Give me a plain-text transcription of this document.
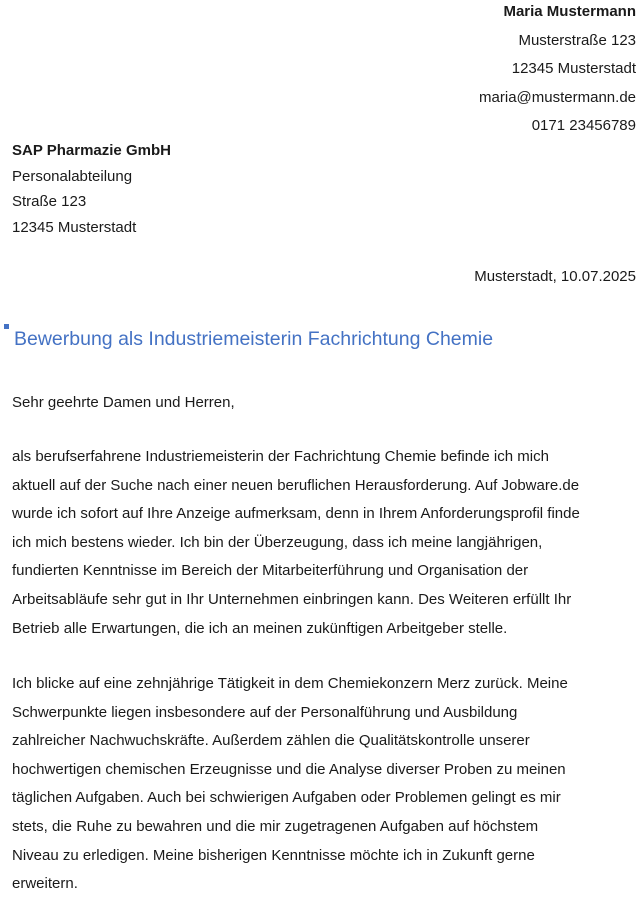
Maria Mustermann
Musterstraße 123
12345 Musterstadt
maria@mustermann.de
0171 23456789
SAP Pharmazie GmbH
Personalabteilung
Straße 123
12345 Musterstadt
Musterstadt, 10.07.2025
Bewerbung als Industriemeisterin Fachrichtung Chemie
Sehr geehrte Damen und Herren,
als berufserfahrene Industriemeisterin der Fachrichtung Chemie befinde ich mich
aktuell auf der Suche nach einer neuen beruflichen Herausforderung. Auf Jobware.de
wurde ich sofort auf Ihre Anzeige aufmerksam, denn in Ihrem Anforderungsprofil finde
ich mich bestens wieder. Ich bin der Überzeugung, dass ich meine langjährigen,
fundierten Kenntnisse im Bereich der Mitarbeiterführung und Organisation der
Arbeitsabläufe sehr gut in Ihr Unternehmen einbringen kann. Des Weiteren erfüllt Ihr
Betrieb alle Erwartungen, die ich an meinen zukünftigen Arbeitgeber stelle.
Ich blicke auf eine zehnjährige Tätigkeit in dem Chemiekonzern Merz zurück. Meine
Schwerpunkte liegen insbesondere auf der Personalführung und Ausbildung
zahlreicher Nachwuchskräfte. Außerdem zählen die Qualitätskontrolle unserer
hochwertigen chemischen Erzeugnisse und die Analyse diverser Proben zu meinen
täglichen Aufgaben. Auch bei schwierigen Aufgaben oder Problemen gelingt es mir
stets, die Ruhe zu bewahren und die mir zugetragenen Aufgaben auf höchstem
Niveau zu erledigen. Meine bisherigen Kenntnisse möchte ich in Zukunft gerne
erweitern.
